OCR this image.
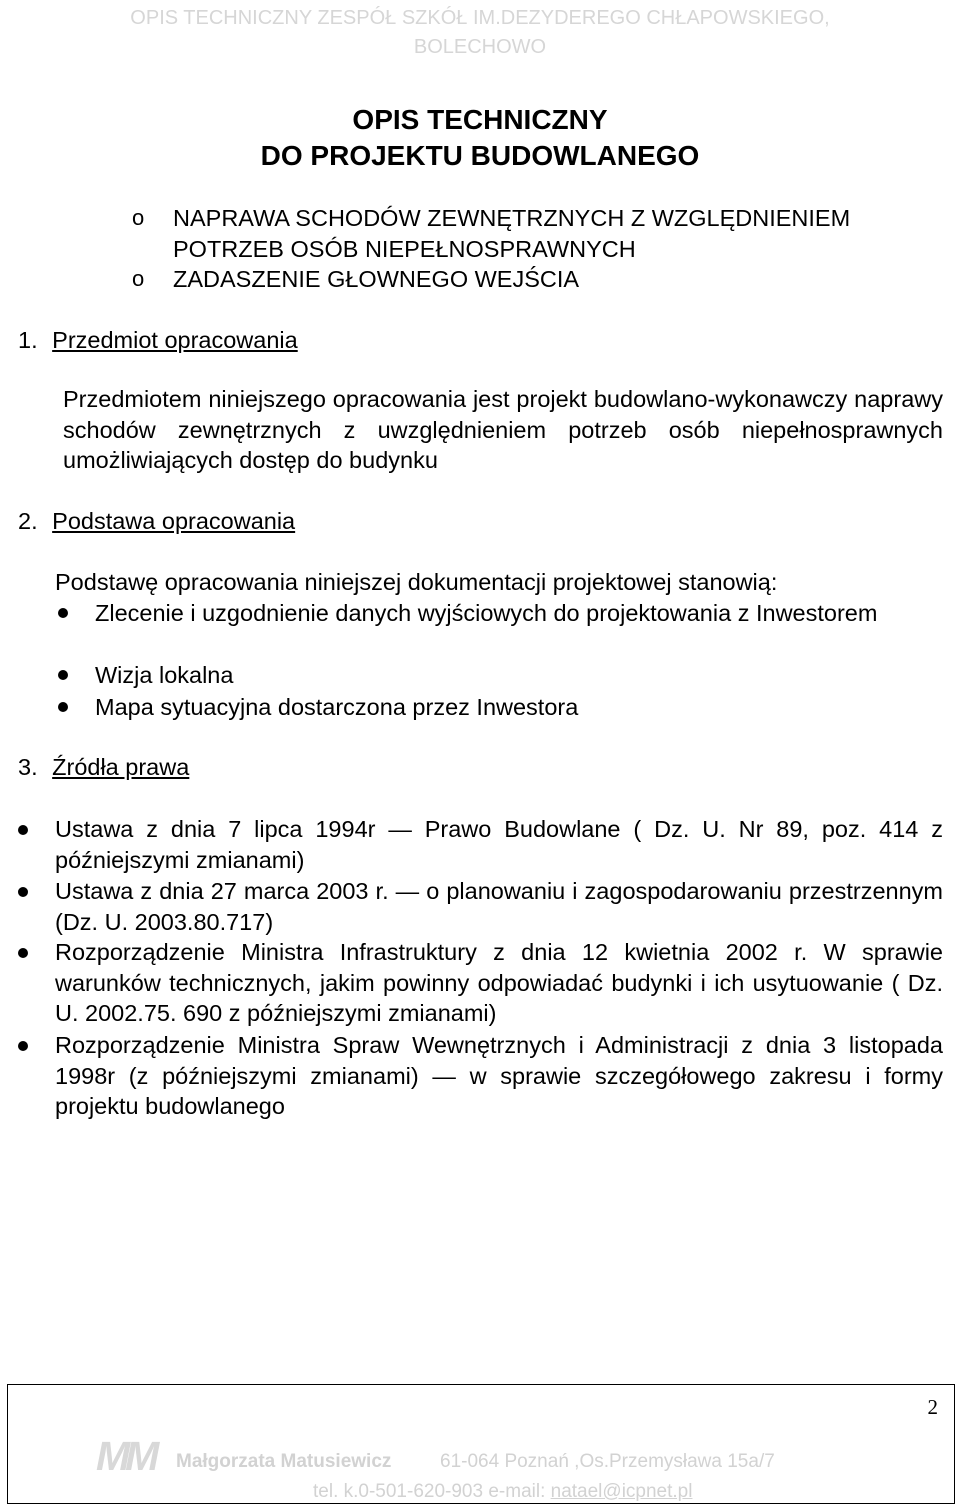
OPIS TECHNICZNY ZESPÓŁ SZKÓŁ IM.DEZYDEREGO CHŁAPOWSKIEGO,
BOLECHOWO
OPIS TECHNICZNY
DO PROJEKTU BUDOWLANEGO
o NAPRAWA SCHODÓW ZEWNĘTRZNYCH Z WZGLĘDNIENIEM POTRZEB OSÓB NIEPEŁNOSPRAWNYCH
o ZADASZENIE GŁOWNEGO WEJŚCIA
1. Przedmiot opracowania
Przedmiotem niniejszego opracowania jest projekt budowlano-wykonawczy naprawy schodów zewnętrznych z uwzględnieniem potrzeb osób niepełnosprawnych umożliwiających dostęp do budynku
2. Podstawa opracowania
Podstawę opracowania niniejszej dokumentacji projektowej stanowią:
Zlecenie i uzgodnienie danych wyjściowych do projektowania z Inwestorem
Wizja lokalna
Mapa sytuacyjna dostarczona przez Inwestora
3. Źródła prawa
Ustawa z dnia 7 lipca 1994r — Prawo Budowlane ( Dz. U. Nr 89, poz. 414 z późniejszymi zmianami)
Ustawa z dnia 27 marca 2003 r. — o planowaniu i zagospodarowaniu przestrzennym (Dz. U. 2003.80.717)
Rozporządzenie Ministra Infrastruktury z dnia 12 kwietnia 2002 r. W sprawie warunków technicznych, jakim powinny odpowiadać budynki i ich usytuowanie ( Dz. U. 2002.75. 690 z późniejszymi zmianami)
Rozporządzenie Ministra Spraw Wewnętrznych i Administracji z dnia 3 listopada 1998r (z późniejszymi zmianami) — w sprawie szczegółowego zakresu i formy projektu budowlanego
2
MM Małgorzata Matusiewicz	61-064 Poznań ,Os.Przemysława 15a/7
tel. k.0-501-620-903 e-mail: natael@icpnet.pl
